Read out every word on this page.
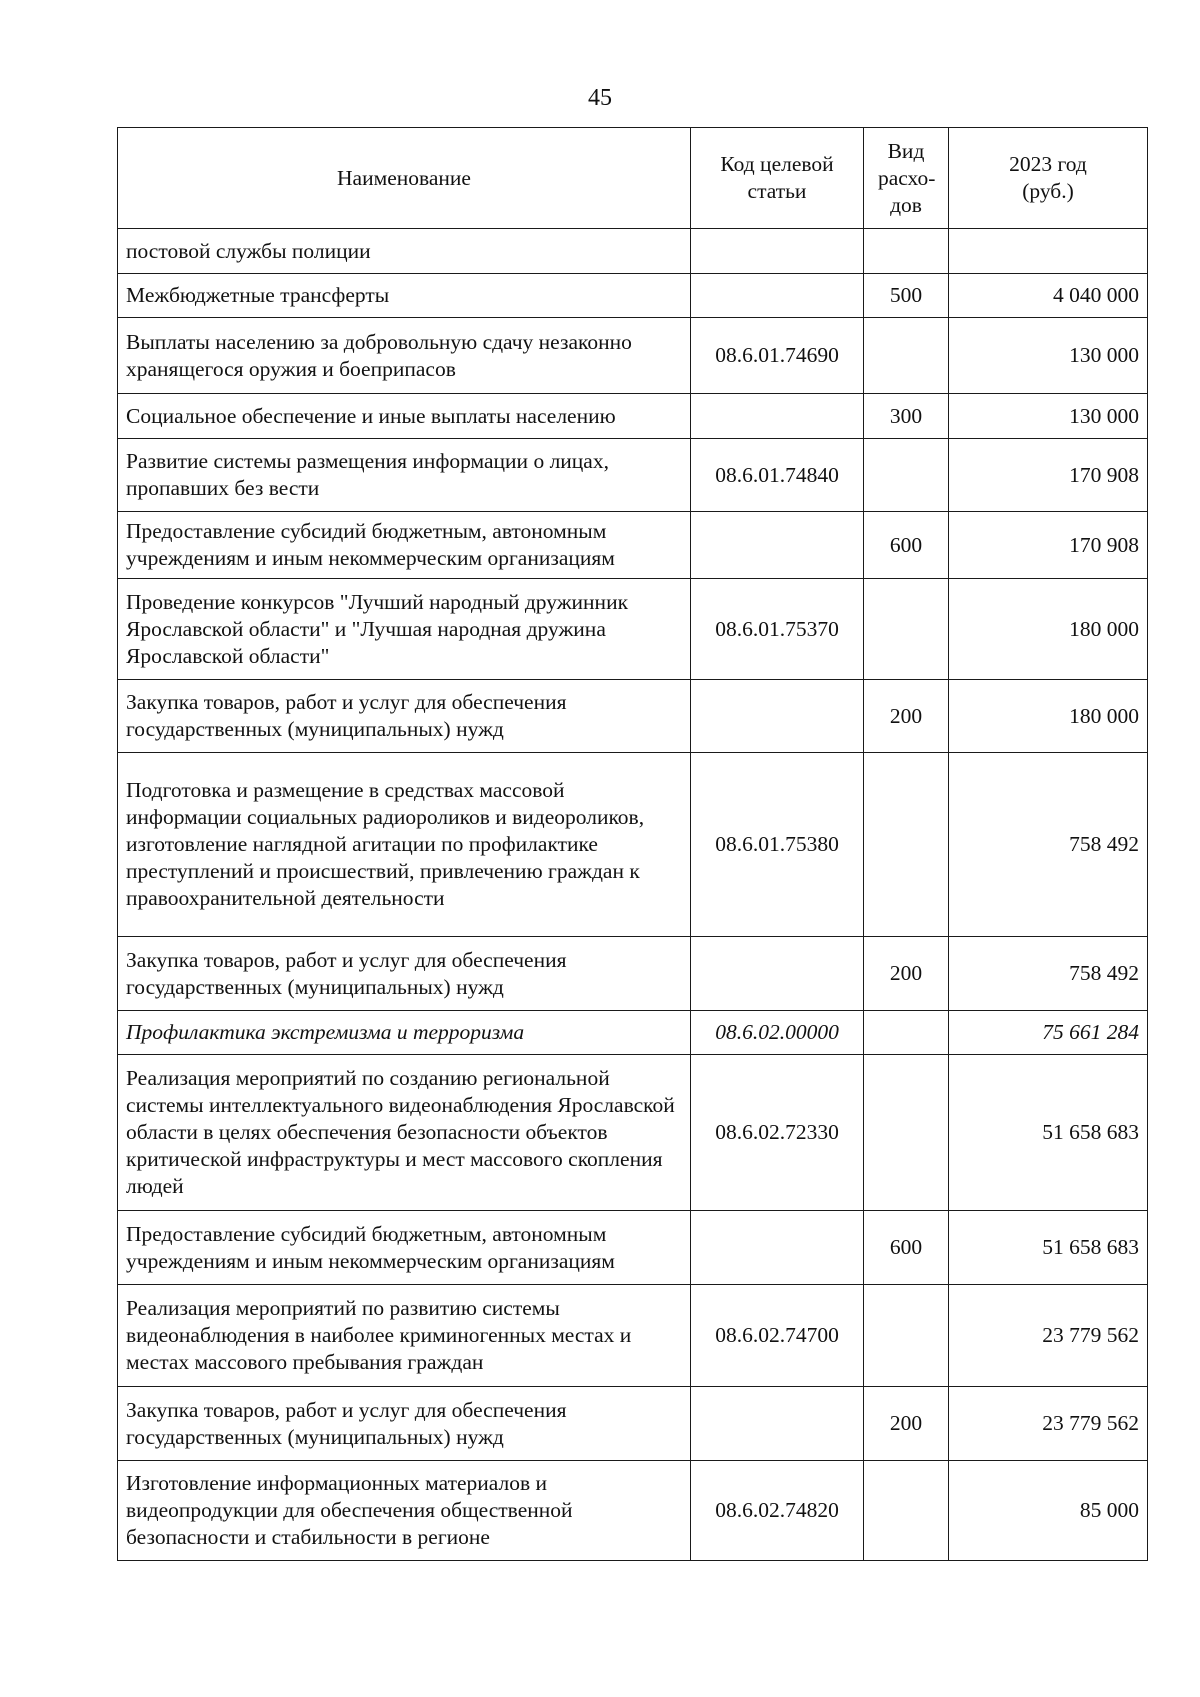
45
Наименование	Код целевой статьи	Вид расхо-дов	2023 год (руб.)
постовой службы полиции			
Межбюджетные трансферты		500	4 040 000
Выплаты населению за добровольную сдачу незаконно хранящегося оружия и боеприпасов	08.6.01.74690		130 000
Социальное обеспечение и иные выплаты населению		300	130 000
Развитие системы размещения информации о лицах, пропавших без вести	08.6.01.74840		170 908
Предоставление субсидий бюджетным, автономным учреждениям и иным некоммерческим организациям		600	170 908
Проведение конкурсов "Лучший народный дружинник Ярославской области" и "Лучшая народная дружина Ярославской области"	08.6.01.75370		180 000
Закупка товаров, работ и услуг для обеспечения государственных (муниципальных) нужд		200	180 000
Подготовка и размещение в средствах массовой информации социальных радиороликов и видеороликов, изготовление наглядной агитации по профилактике преступлений и происшествий, привлечению граждан к правоохранительной деятельности	08.6.01.75380		758 492
Закупка товаров, работ и услуг для обеспечения государственных (муниципальных) нужд		200	758 492
Профилактика экстремизма и терроризма	08.6.02.00000		75 661 284
Реализация мероприятий по созданию региональной системы интеллектуального видеонаблюдения Ярославской области в целях обеспечения безопасности объектов критической инфраструктуры и мест массового скопления людей	08.6.02.72330		51 658 683
Предоставление субсидий бюджетным, автономным учреждениям и иным некоммерческим организациям		600	51 658 683
Реализация мероприятий по развитию системы видеонаблюдения в наиболее криминогенных местах и местах массового пребывания граждан	08.6.02.74700		23 779 562
Закупка товаров, работ и услуг для обеспечения государственных (муниципальных) нужд		200	23 779 562
Изготовление информационных материалов и видеопродукции для обеспечения общественной безопасности и стабильности в регионе	08.6.02.74820		85 000
